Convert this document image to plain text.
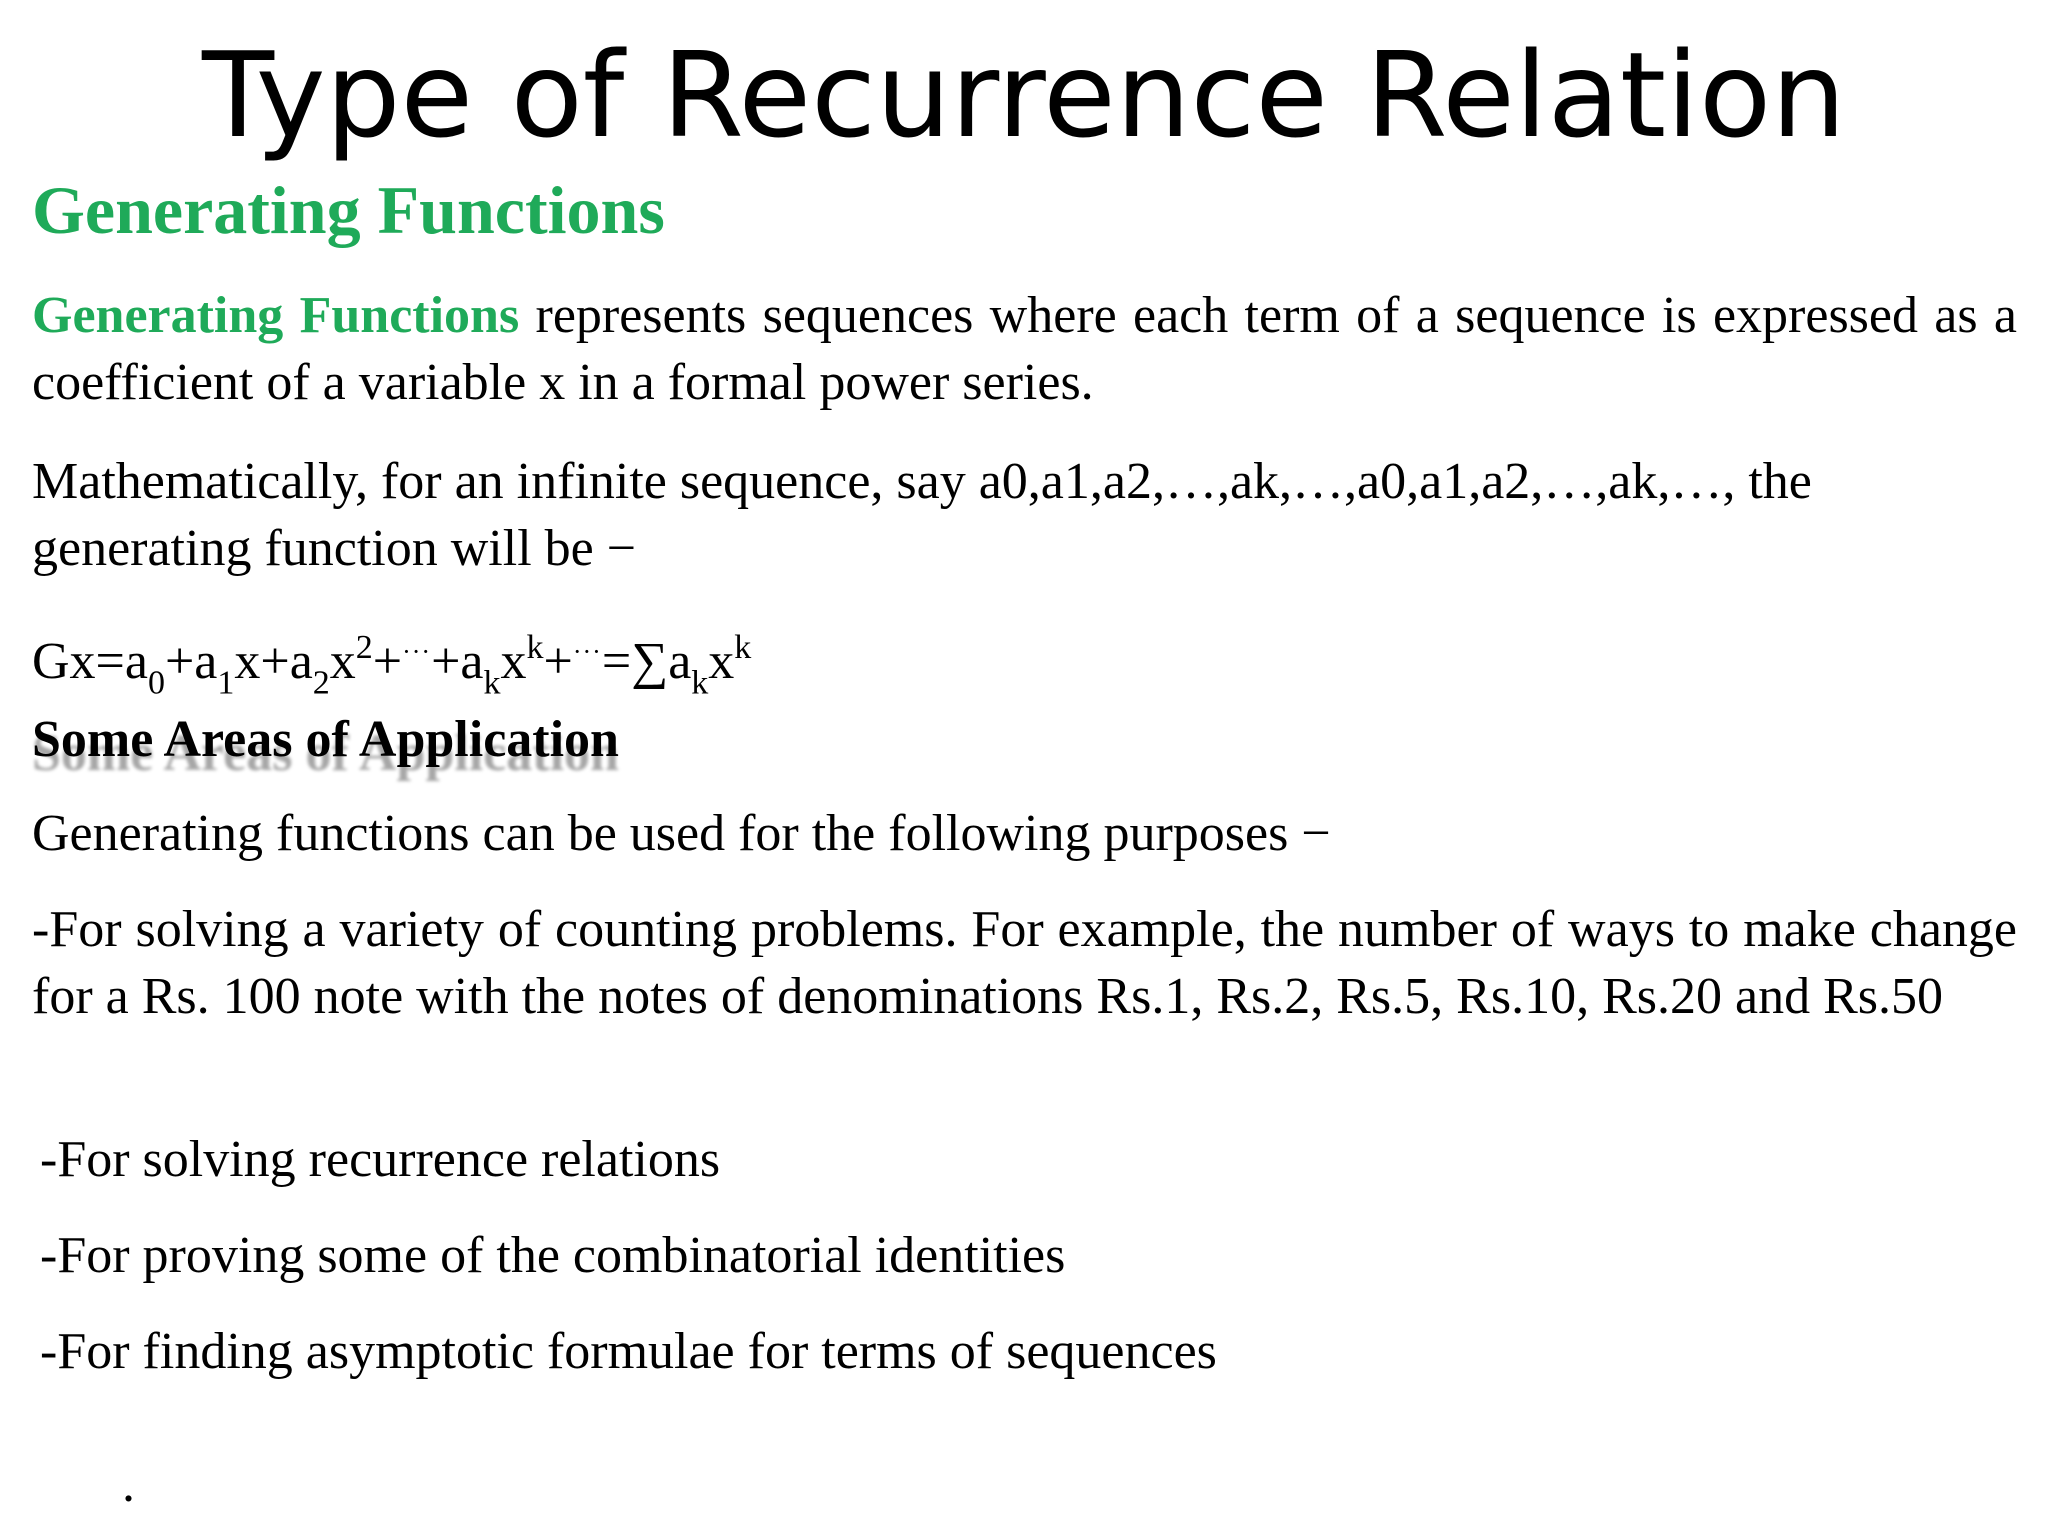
Type of Recurrence Relation
Generating Functions

Generating Functions represents sequences where each term of a sequence is expressed as a coefficient of a variable x in a formal power series.

Mathematically, for an infinite sequence, say a0,a1,a2,…,ak,…,a0,a1,a2,…,ak,…, the generating function will be −

$Gx=a_0+a_1x+a_2x^2+^{\cdot\cdot\cdot}+a_kx^k+^{\cdot\cdot\cdot}=\sum a_kx^k$

Some Areas of Application

Generating functions can be used for the following purposes −

-For solving a variety of counting problems. For example, the number of ways to make change for a Rs. 100 note with the notes of denominations Rs.1, Rs.2, Rs.5, Rs.10, Rs.20 and Rs.50

-For solving recurrence relations

-For proving some of the combinatorial identities

-For finding asymptotic formulae for terms of sequences

.
